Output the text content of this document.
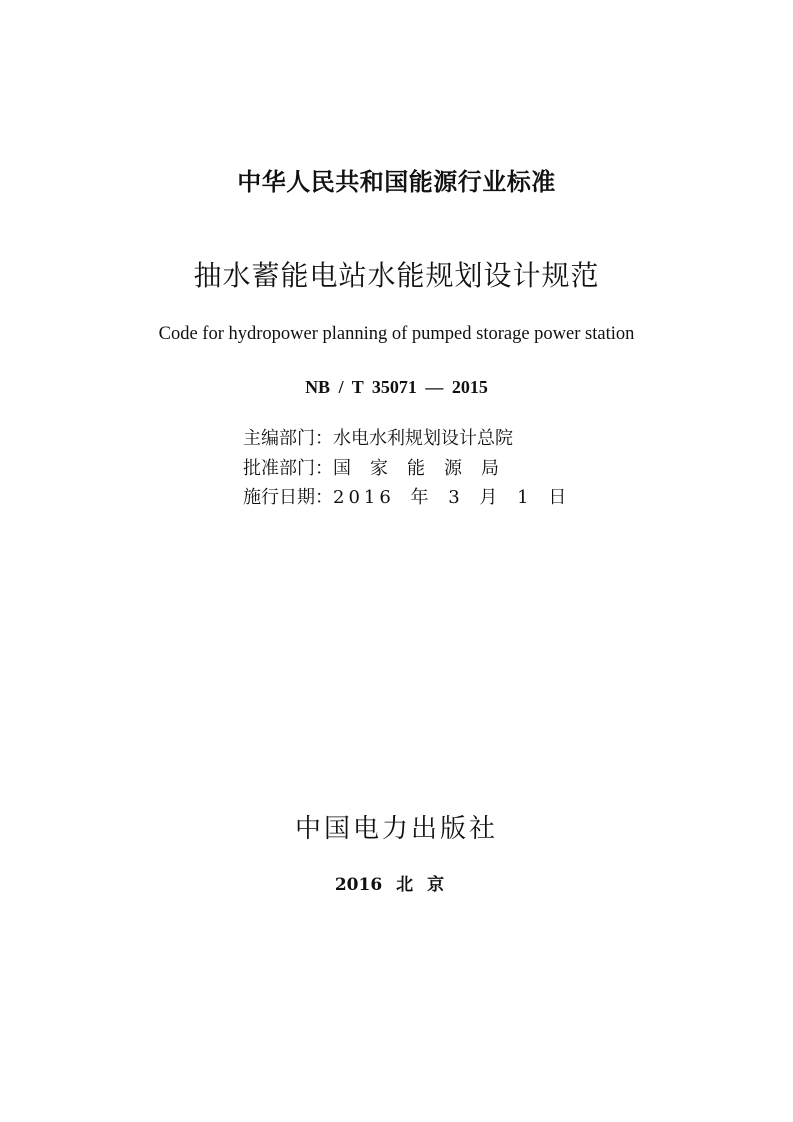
中华人民共和国能源行业标准
抽水蓄能电站水能规划设计规范
Code for hydropower planning of pumped storage power station
NB / T 35071 — 2015
主编部门：水电水利规划设计总院
批准部门：国家能源局
施行日期：2016 年 3 月 1 日
中国电力出版社
2016 北京
